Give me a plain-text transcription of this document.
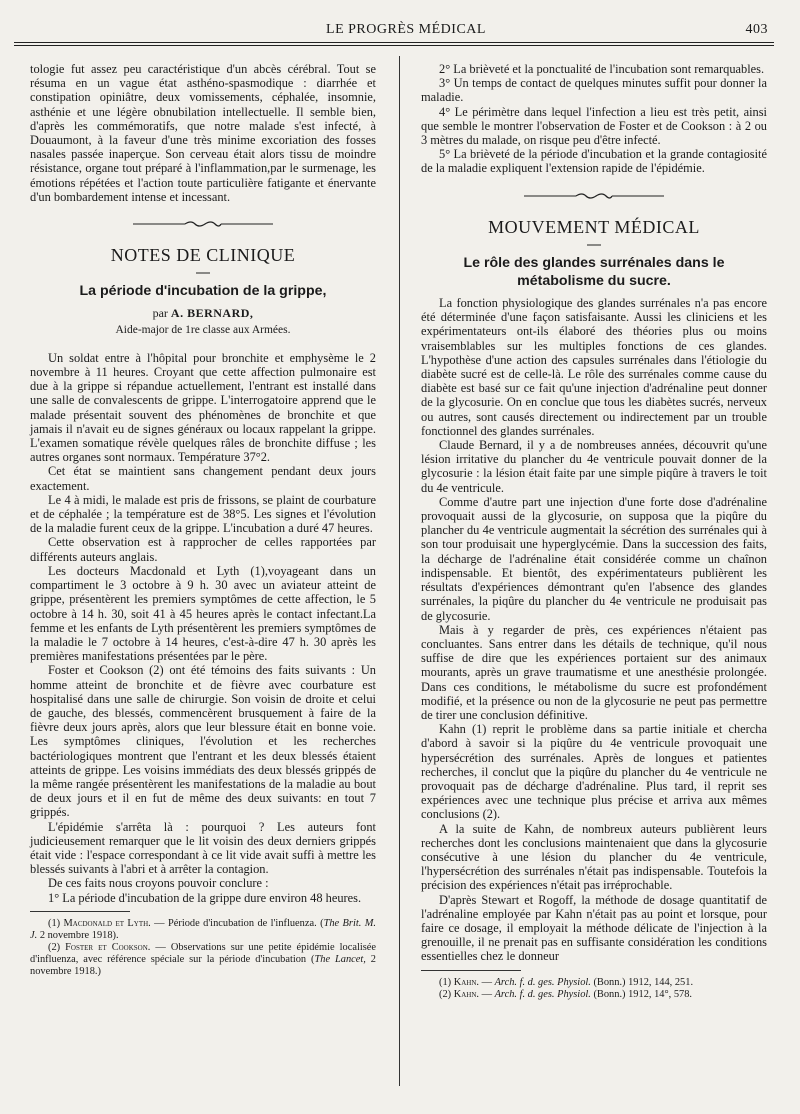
LE PROGRÈS MÉDICAL	403

tologie fut assez peu caractéristique d'un abcès cérébral. Tout se résuma en un vague état asthéno-spasmodique : diarrhée et constipation opiniâtre, deux vomissements, céphalée, insomnie, asthénie et une légère obnubilation intellectuelle. Il semble bien, d'après les commémoratifs, que notre malade s'est infecté, à Douaumont, à la faveur d'une très minime excoriation des fosses nasales passée inaperçue. Son cerveau était alors tissu de moindre résistance, organe tout préparé à l'inflammation,par le surmenage, les émotions répétées et l'action toute particulière fatigante et énervante d'un bombardement intense et incessant.

NOTES DE CLINIQUE
La période d'incubation de la grippe,
par A. BERNARD,
Aide-major de 1re classe aux Armées.

Un soldat entre à l'hôpital pour bronchite et emphysème le 2 novembre à 11 heures. Croyant que cette affection pulmonaire est due à la grippe si répandue actuellement, l'entrant est installé dans une salle de convalescents de grippe. L'interrogatoire apprend que le malade présentait souvent des phénomènes de bronchite et que jamais il n'avait eu de signes généraux ou locaux rappelant la grippe. L'examen somatique révèle quelques râles de bronchite diffuse ; les autres organes sont normaux. Température 37°2.

Cet état se maintient sans changement pendant deux jours exactement.

Le 4 à midi, le malade est pris de frissons, se plaint de courbature et de céphalée ; la température est de 38°5. Les signes et l'évolution de la maladie furent ceux de la grippe. L'incubation a duré 47 heures.

Cette observation est à rapprocher de celles rapportées par différents auteurs anglais.

Les docteurs Macdonald et Lyth (1),voyageant dans un compartiment le 3 octobre à 9 h. 30 avec un aviateur atteint de grippe, présentèrent les premiers symptômes de cette affection, le 5 octobre à 14 h. 30, soit 41 à 45 heures après le contact infectant.La femme et les enfants de Lyth présentèrent les premiers symptômes de la maladie le 7 octobre à 14 heures, c'est-à-dire 47 h. 30 après les premières manifestations présentées par le père.

Foster et Cookson (2) ont été témoins des faits suivants : Un homme atteint de bronchite et de fièvre avec courbature est hospitalisé dans une salle de chirurgie. Son voisin de droite et celui de gauche, des blessés, commencèrent brusquement à faire de la fièvre deux jours après, alors que leur blessure était en bonne voie. Les symptômes cliniques, l'évolution et les recherches bactériologiques montrent que l'entrant et les deux blessés étaient atteints de grippe. Les voisins immédiats des deux blessés grippés de la même rangée présentèrent les manifestations de la maladie au bout de deux jours et il en fut de même des deux suivants: en tout 7 grippés.

L'épidémie s'arrêta là : pourquoi ? Les auteurs font judicieusement remarquer que le lit voisin des deux derniers grippés était vide : l'espace correspondant à ce lit vide avait suffi à mettre les blessés suivants à l'abri et à arrêter la contagion.

De ces faits nous croyons pouvoir conclure :

1° La période d'incubation de la grippe dure environ 48 heures.

(1) Macdonald et Lyth. — Période d'incubation de l'influenza. (The Brit. M. J. 2 novembre 1918).

(2) Foster et Cookson. — Observations sur une petite épidémie localisée d'influenza, avec référence spéciale sur la période d'incubation (The Lancet, 2 novembre 1918.)

2° La brièveté et la ponctualité de l'incubation sont remarquables.

3° Un temps de contact de quelques minutes suffit pour donner la maladie.

4° Le périmètre dans lequel l'infection a lieu est très petit, ainsi que semble le montrer l'observation de Foster et de Cookson : à 2 ou 3 mètres du malade, on risque peu d'être infecté.

5° La brièveté de la période d'incubation et la grande contagiosité de la maladie expliquent l'extension rapide de l'épidémie.

MOUVEMENT MÉDICAL
Le rôle des glandes surrénales dans le métabolisme du sucre.

La fonction physiologique des glandes surrénales n'a pas encore été déterminée d'une façon satisfaisante. Aussi les cliniciens et les expérimentateurs ont-ils élaboré des théories plus ou moins vraisemblables sur les multiples fonctions de ces glandes. L'hypothèse d'une action des capsules surrénales dans l'étiologie du diabète sucré est de celle-là. Le rôle des surrénales comme cause du diabète est basé sur ce fait qu'une injection d'adrénaline peut donner de la glycosurie. On en conclue que tous les diabètes sucrés, nerveux ou autres, sont causés directement ou indirectement par un trouble fonctionnel des glandes surrénales.

Claude Bernard, il y a de nombreuses années, découvrit qu'une lésion irritative du plancher du 4e ventricule pouvait donner de la glycosurie : la lésion était faite par une simple piqûre à travers le toit du 4e ventricule.

Comme d'autre part une injection d'une forte dose d'adrénaline provoquait aussi de la glycosurie, on supposa que la piqûre du plancher du 4e ventricule augmentait la sécrétion des surrénales qui à son tour produisait une hyperglycémie. Dans la succession des faits, la décharge de l'adrénaline était considérée comme un chaînon indispensable. Et bientôt, des expérimentateurs publièrent les résultats d'expériences démontrant qu'en l'absence des glandes surrénales, la piqûre du plancher du 4e ventricule ne produisait pas de glycosurie.

Mais à y regarder de près, ces expériences n'étaient pas concluantes. Sans entrer dans les détails de technique, qu'il nous suffise de dire que les expériences portaient sur des animaux mourants, après un grave traumatisme et une anesthésie prolongée. Dans ces conditions, le métabolisme du sucre est profondément modifié, et la présence ou non de la glycosurie ne peut pas permettre de tirer une conclusion définitive.

Kahn (1) reprit le problème dans sa partie initiale et chercha d'abord à savoir si la piqûre du 4e ventricule provoquait une hypersécrétion des surrénales. Après de longues et patientes recherches, il conclut que la piqûre du plancher du 4e ventricule ne provoquait pas de décharge d'adrénaline. Plus tard, il reprit ses expériences avec une technique plus précise et arriva aux mêmes conclusions (2).

A la suite de Kahn, de nombreux auteurs publièrent leurs recherches dont les conclusions maintenaient que dans la glycosurie consécutive à une lésion du plancher du 4e ventricule, l'hypersécrétion des surrénales n'était pas indispensable. Toutefois la précision des expériences n'était pas irréprochable.

D'après Stewart et Rogoff, la méthode de dosage quantitatif de l'adrénaline employée par Kahn n'était pas au point et lorsque, pour faire ce dosage, il employait la méthode délicate de l'injection à la grenouille, il ne prenait pas en suffisante considération les conditions essentielles chez le donneur

(1) Kahn. — Arch. f. d. ges. Physiol. (Bonn.) 1912, 144, 251.

(2) Kahn. — Arch. f. d. ges. Physiol. (Bonn.) 1912, 14°, 578.
